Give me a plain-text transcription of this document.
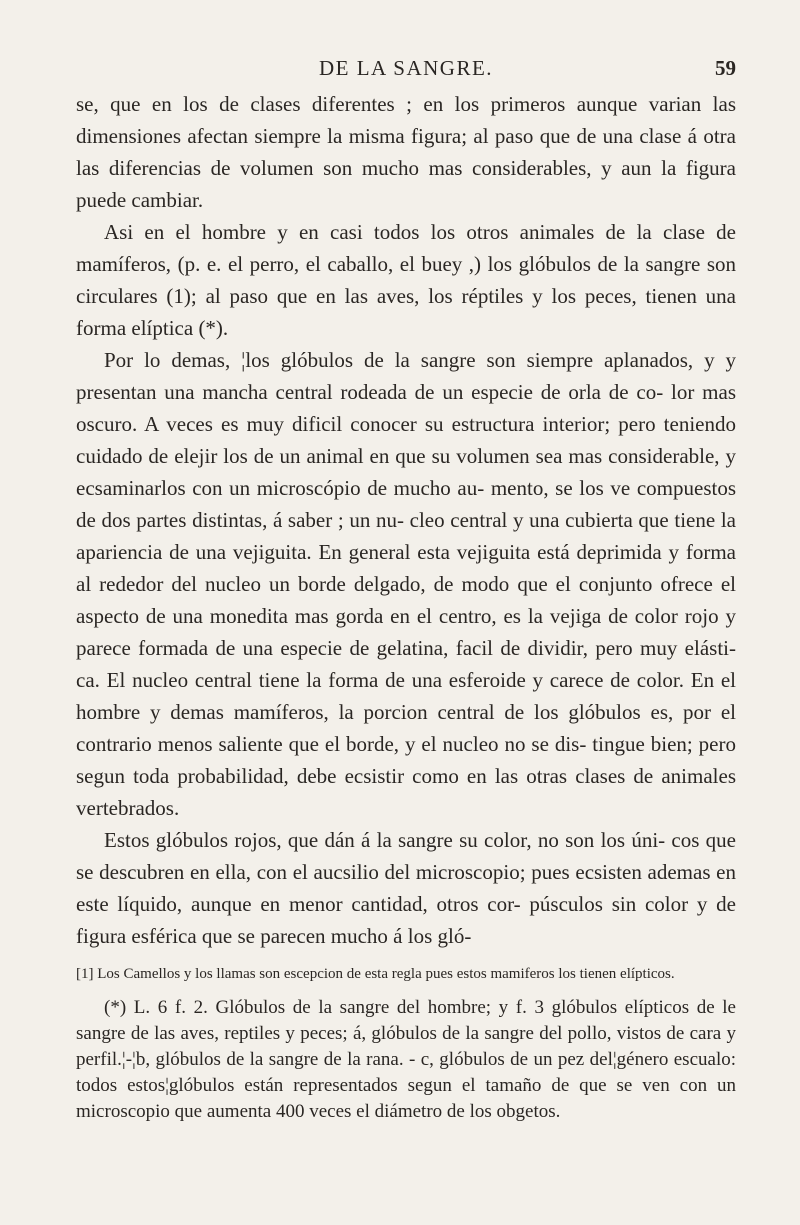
DE LA SANGRE.	59

se, que en los de clases diferentes ; en los primeros aunque varian las dimensiones afectan siempre la misma figura; al paso que de una clase á otra las diferencias de volumen son mucho mas considerables, y aun la figura puede cambiar.

Asi en el hombre y en casi todos los otros animales de la clase de mamíferos, (p. e. el perro, el caballo, el buey ,) los glóbulos de la sangre son circulares (1); al paso que en las aves, los réptiles y los peces, tienen una forma elíptica (*).

Por lo demas, ¦los glóbulos de la sangre son siempre aplanados, y y presentan una mancha central rodeada de un especie de orla de co- lor mas oscuro. A veces es muy dificil conocer su estructura interior; pero teniendo cuidado de elejir los de un animal en que su volumen sea mas considerable, y ecsaminarlos con un microscópio de mucho au- mento, se los ve compuestos de dos partes distintas, á saber ; un nu- cleo central y una cubierta que tiene la apariencia de una vejiguita. En general esta vejiguita está deprimida y forma al rededor del nucleo un borde delgado, de modo que el conjunto ofrece el aspecto de una monedita mas gorda en el centro, es la vejiga de color rojo y parece formada de una especie de gelatina, facil de dividir, pero muy elásti- ca. El nucleo central tiene la forma de una esferoide y carece de color. En el hombre y demas mamíferos, la porcion central de los glóbulos es, por el contrario menos saliente que el borde, y el nucleo no se dis- tingue bien; pero segun toda probabilidad, debe ecsistir como en las otras clases de animales vertebrados.

Estos glóbulos rojos, que dán á la sangre su color, no son los úni- cos que se descubren en ella, con el aucsilio del microscopio; pues ecsisten ademas en este líquido, aunque en menor cantidad, otros cor- púsculos sin color y de figura esférica que se parecen mucho á los gló-

[1] Los Camellos y los llamas son escepcion de esta regla pues estos mamiferos los tienen elípticos.

(*) L. 6 f. 2. Glóbulos de la sangre del hombre; y f. 3 glóbulos elípticos de le sangre de las aves, reptiles y peces; á, glóbulos de la sangre del pollo, vistos de cara y perfil.¦-¦b, glóbulos de la sangre de la rana. - c, glóbulos de un pez del¦género escualo: todos estos¦glóbulos están representados segun el tamaño de que se ven con un microscopio que aumenta 400 veces el diámetro de los obgetos.
